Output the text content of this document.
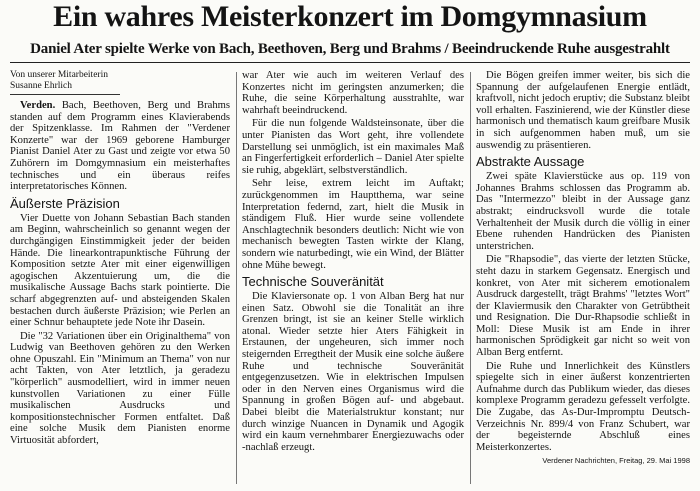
Ein wahres Meisterkonzert im Domgymnasium
Daniel Ater spielte Werke von Bach, Beethoven, Berg und Brahms / Beeindruckende Ruhe ausgestrahlt
Von unserer Mitarbeiterin

Susanne Ehrlich

Verden. Bach, Beethoven, Berg und Brahms standen auf dem Programm eines Klavierabends der Spitzenklasse. Im Rahmen der "Verdener Konzerte" war der 1969 geborene Hamburger Pianist Daniel Ater zu Gast und zeigte vor etwa 50 Zuhörern im Domgymnasium ein meisterhaftes technisches und ein überaus reifes interpretatorisches Können.

Äußerste Präzision

Vier Duette von Johann Sebastian Bach standen am Beginn, wahrscheinlich so genannt wegen der durchgängigen Einstimmigkeit jeder der beiden Hände. Die linearkontrapunktische Führung der Komposition setzte Ater mit einer eigenwilligen agogischen Akzentuierung um, die die musikalische Aussage Bachs stark pointierte. Die scharf abgegrenzten auf- und absteigenden Skalen bestachen durch äußerste Präzision; wie Perlen an einer Schnur behauptete jede Note ihr Dasein.

Die "32 Variationen über ein Originalthema" von Ludwig van Beethoven gehören zu den Werken ohne Opuszahl. Ein "Minimum an Thema" von nur acht Takten, von Ater letztlich, ja geradezu "körperlich" ausmodelliert, wird in immer neuen kunstvollen Variationen zu einer Fülle musikalischen Ausdrucks und kompositionstechnischer Formen entfaltet. Daß eine solche Musik dem Pianisten enorme Virtuosität abfordert,

war Ater wie auch im weiteren Verlauf des Konzertes nicht im geringsten anzumerken; die Ruhe, die seine Körperhaltung ausstrahlte, war wahrhaft beeindruckend.

Für die nun folgende Waldsteinsonate, über die unter Pianisten das Wort geht, ihre vollendete Darstellung sei unmöglich, ist ein maximales Maß an Fingerfertigkeit erforderlich – Daniel Ater spielte sie ruhig, abgeklärt, selbstverständlich.

Sehr leise, extrem leicht im Auftakt; zurückgenommen im Hauptthema, war seine Interpretation federnd, zart, hielt die Musik in ständigem Fluß. Hier wurde seine vollendete Anschlagtechnik besonders deutlich: Nicht wie von mechanisch bewegten Tasten wirkte der Klang, sondern wie naturbedingt, wie ein Wind, der Blätter ohne Mühe bewegt.

Technische Souveränität

Die Klaviersonate op. 1 von Alban Berg hat nur einen Satz. Obwohl sie die Tonalität an ihre Grenzen bringt, ist sie an keiner Stelle wirklich atonal. Wieder setzte hier Aters Fähigkeit in Erstaunen, der ungeheuren, sich immer noch steigernden Erregtheit der Musik eine solche äußere Ruhe und technische Souveränität entgegenzusetzen. Wie in elektrischen Impulsen oder in den Nerven eines Organismus wird die Spannung in großen Bögen auf- und abgebaut. Dabei bleibt die Materialstruktur konstant; nur durch winzige Nuancen in Dynamik und Agogik wird ein kaum vernehmbarer Energiezuwachs oder -nachlaß erzeugt.

Die Bögen greifen immer weiter, bis sich die Spannung der aufgelaufenen Energie entlädt, kraftvoll, nicht jedoch eruptiv; die Substanz bleibt voll erhalten. Faszinierend, wie der Künstler diese harmonisch und thematisch kaum greifbare Musik in sich aufgenommen haben muß, um sie auswendig zu präsentieren.

Abstrakte Aussage

Zwei späte Klavierstücke aus op. 119 von Johannes Brahms schlossen das Programm ab. Das "Intermezzo" bleibt in der Aussage ganz abstrakt; eindrucksvoll wurde die totale Verhaltenheit der Musik durch die völlig in einer Ebene ruhenden Handrücken des Pianisten unterstrichen.

Die "Rhapsodie", das vierte der letzten Stücke, steht dazu in starkem Gegensatz. Energisch und konkret, von Ater mit sicherem emotionalem Ausdruck dargestellt, trägt Brahms' "letztes Wort" der Klaviermusik den Charakter von Getrübtheit und Resignation. Die Dur-Rhapsodie schließt in Moll: Diese Musik ist am Ende in ihrer harmonischen Sprödigkeit gar nicht so weit von Alban Berg entfernt.

Die Ruhe und Innerlichkeit des Künstlers spiegelte sich in einer äußerst konzentrierten Aufnahme durch das Publikum wieder, das dieses komplexe Programm geradezu gefesselt verfolgte. Die Zugabe, das As-Dur-Impromptu Deutsch-Verzeichnis Nr. 899/4 von Franz Schubert, war der begeisternde Abschluß eines Meisterkonzertes.

Verdener Nachrichten, Freitag, 29. Mai 1998
